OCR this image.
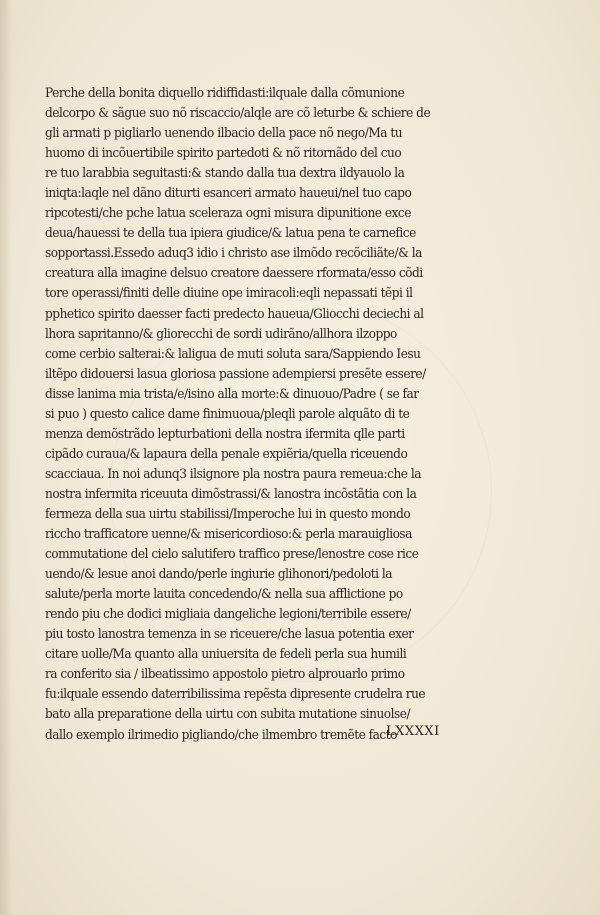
Perche della bonita diquello ridiffidasti:ilquale dalla cõmunione
delcorpo & sãgue suo nõ riscaccio/alqle are cõ leturbe & schiere de
gli armati p pigliarlo uenendo ilbacio della pace nõ nego/Ma tu
huomo di incõuertibile spirito partedoti & nõ ritornãdo del cuo
re tuo larabbia seguitasti:& stando dalla tua dextra ildyauolo la
iniqta:laqle nel dãno diturti esanceri armato haueui/nel tuo capo
ripcotesti/che pche latua sceleraza ogni misura dipunitione exce
deua/hauessi te della tua ipiera giudice/& latua pena te carnefice
sopportassi.Essedo aduq3 idio i christo ase ilmõdo recõciliãte/& la
creatura alla imagine delsuo creatore daessere rformata/esso cõdi
tore operassi/finiti delle diuine ope imiracoli:eqli nepassati tẽpi il
pphetico spirito daesser facti predecto haueua/Gliocchi deciechi al
lhora sapritanno/& gliorecchi de sordi udirãno/allhora ilzoppo
come cerbio salterai:& laligua de muti soluta sara/Sappiendo Iesu
iltẽpo didouersi lasua gloriosa passione adempiersi presẽte essere/
disse lanima mia trista/e/isino alla morte:& dinuouo/Padre ( se far
si puo ) questo calice dame finimuoua/pleqli parole alquãto di te
menza demõstrãdo lepturbationi della nostra ifermita qlle parti
cipãdo curaua/& lapaura della penale expiẽria/quella riceuendo
scacciaua. In noi adunq3 ilsignore pla nostra paura remeua:che la
nostra infermita riceuuta dimõstrassi/& lanostra incõstãtia con la
fermeza della sua uirtu stabilissi/Imperoche lui in questo mondo
riccho trafficatore uenne/& misericordioso:& perla marauigliosa
commutatione del cielo salutifero traffico prese/lenostre cose rice
uendo/& lesue anoi dando/perle ingiurie glihonori/pedoloti la
salute/perla morte lauita concedendo/& nella sua afflictione po
rendo piu che dodici migliaia dangeliche legioni/terribile essere/
piu tosto lanostra temenza in se riceuere/che lasua potentia exer
citare uolle/Ma quanto alla uniuersita de fedeli perla sua humili
ra conferito sia / ilbeatissimo appostolo pietro alprouarlo primo
fu:ilquale essendo daterribilissima repẽsta dipresente crudelra rue
bato alla preparatione della uirtu con subita mutatione sinuolse/
dallo exemplo ilrimedio pigliando/che ilmembro tremẽte facto
LXXXXI
